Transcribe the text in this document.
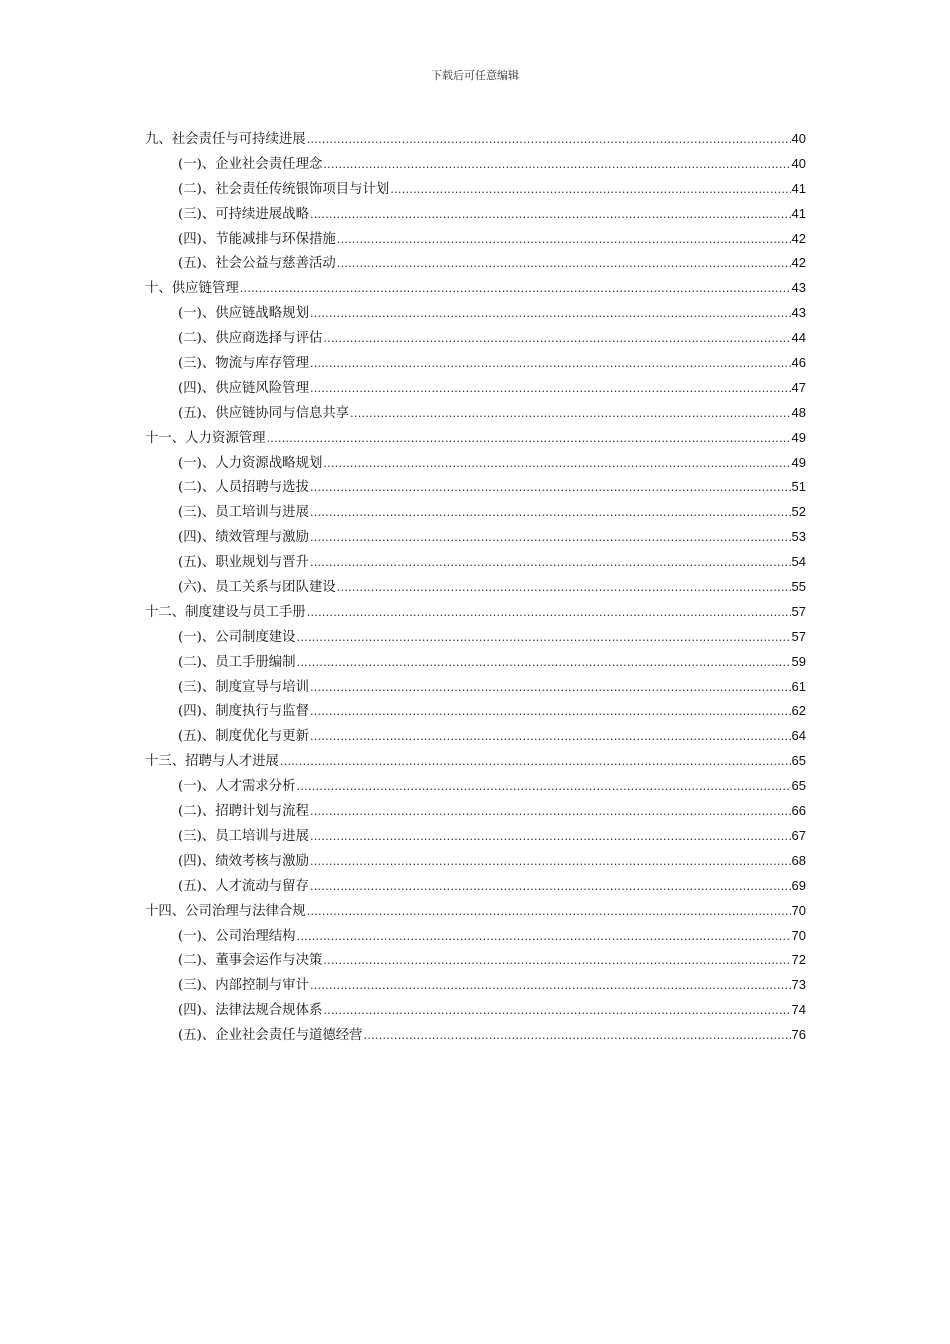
下载后可任意编辑
九、社会责任与可持续进展 .....	40
(一)、企业社会责任理念 .....	40
(二)、社会责任传统银饰项目与计划 .....	41
(三)、可持续进展战略 .....	41
(四)、节能减排与环保措施 .....	42
(五)、社会公益与慈善活动 .....	42
十、供应链管理 .....	43
(一)、供应链战略规划 .....	43
(二)、供应商选择与评估 .....	44
(三)、物流与库存管理 .....	46
(四)、供应链风险管理 .....	47
(五)、供应链协同与信息共享 .....	48
十一、人力资源管理 .....	49
(一)、人力资源战略规划 .....	49
(二)、人员招聘与选拔 .....	51
(三)、员工培训与进展 .....	52
(四)、绩效管理与激励 .....	53
(五)、职业规划与晋升 .....	54
(六)、员工关系与团队建设 .....	55
十二、制度建设与员工手册 .....	57
(一)、公司制度建设 .....	57
(二)、员工手册编制 .....	59
(三)、制度宣导与培训 .....	61
(四)、制度执行与监督 .....	62
(五)、制度优化与更新 .....	64
十三、招聘与人才进展 .....	65
(一)、人才需求分析 .....	65
(二)、招聘计划与流程 .....	66
(三)、员工培训与进展 .....	67
(四)、绩效考核与激励 .....	68
(五)、人才流动与留存 .....	69
十四、公司治理与法律合规 .....	70
(一)、公司治理结构 .....	70
(二)、董事会运作与决策 .....	72
(三)、内部控制与审计 .....	73
(四)、法律法规合规体系 .....	74
(五)、企业社会责任与道德经营 .....	76
